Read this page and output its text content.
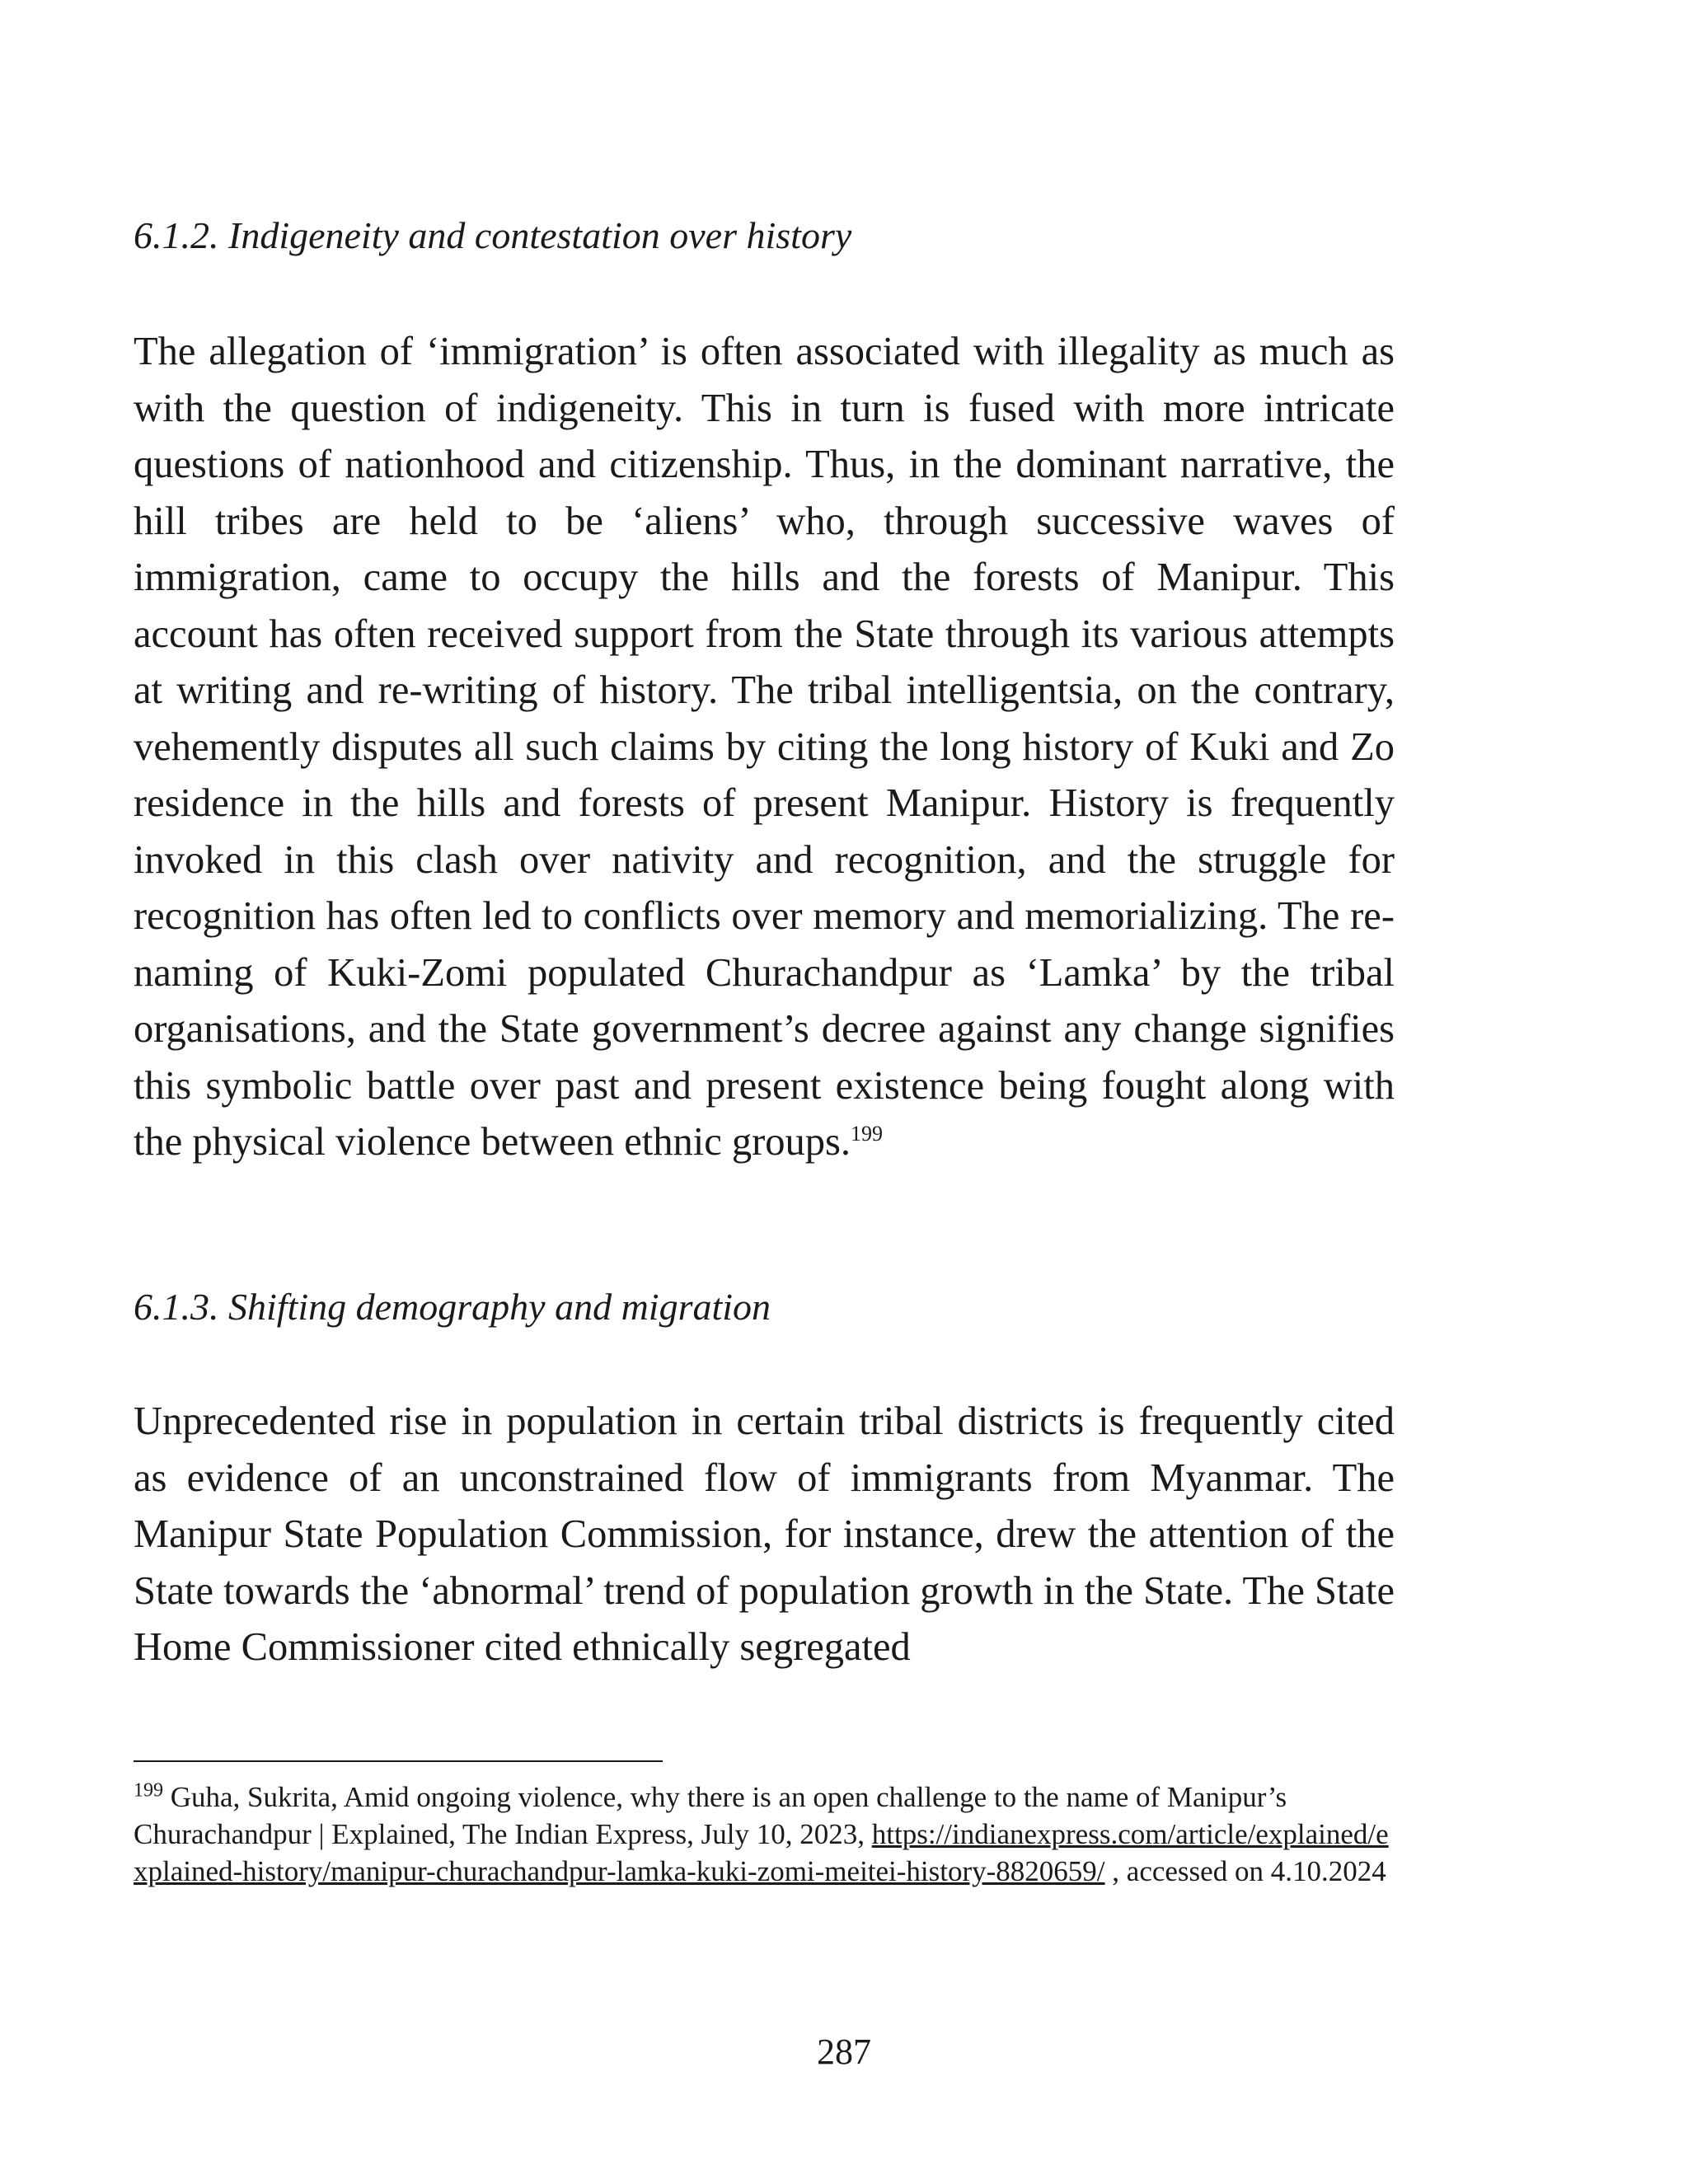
6.1.2. Indigeneity and contestation over history

The allegation of ‘immigration’ is often associated with illegality as much as with the question of indigeneity. This in turn is fused with more intricate questions of nationhood and citizenship. Thus, in the dominant narrative, the hill tribes are held to be ‘aliens’ who, through successive waves of immigration, came to occupy the hills and the forests of Manipur. This account has often received support from the State through its various attempts at writing and re-writing of history. The tribal intelligentsia, on the contrary, vehemently disputes all such claims by citing the long history of Kuki and Zo residence in the hills and forests of present Manipur. History is frequently invoked in this clash over nativity and recognition, and the struggle for recognition has often led to conflicts over memory and memorializing. The re-naming of Kuki-Zomi populated Churachandpur as ‘Lamka’ by the tribal organisations, and the State government’s decree against any change signifies this symbolic battle over past and present existence being fought along with the physical violence between ethnic groups.$^{199}$

6.1.3. Shifting demography and migration

Unprecedented rise in population in certain tribal districts is frequently cited as evidence of an unconstrained flow of immigrants from Myanmar. The Manipur State Population Commission, for instance, drew the attention of the State towards the ‘abnormal’ trend of population growth in the State. The State Home Commissioner cited ethnically segregated

$^{199}$ Guha, Sukrita, Amid ongoing violence, why there is an open challenge to the name of Manipur’s Churachandpur | Explained, The Indian Express, July 10, 2023, https://indianexpress.com/article/explained/explained-history/manipur-churachandpur-lamka-kuki-zomi-meitei-history-8820659/ , accessed on 4.10.2024

287
